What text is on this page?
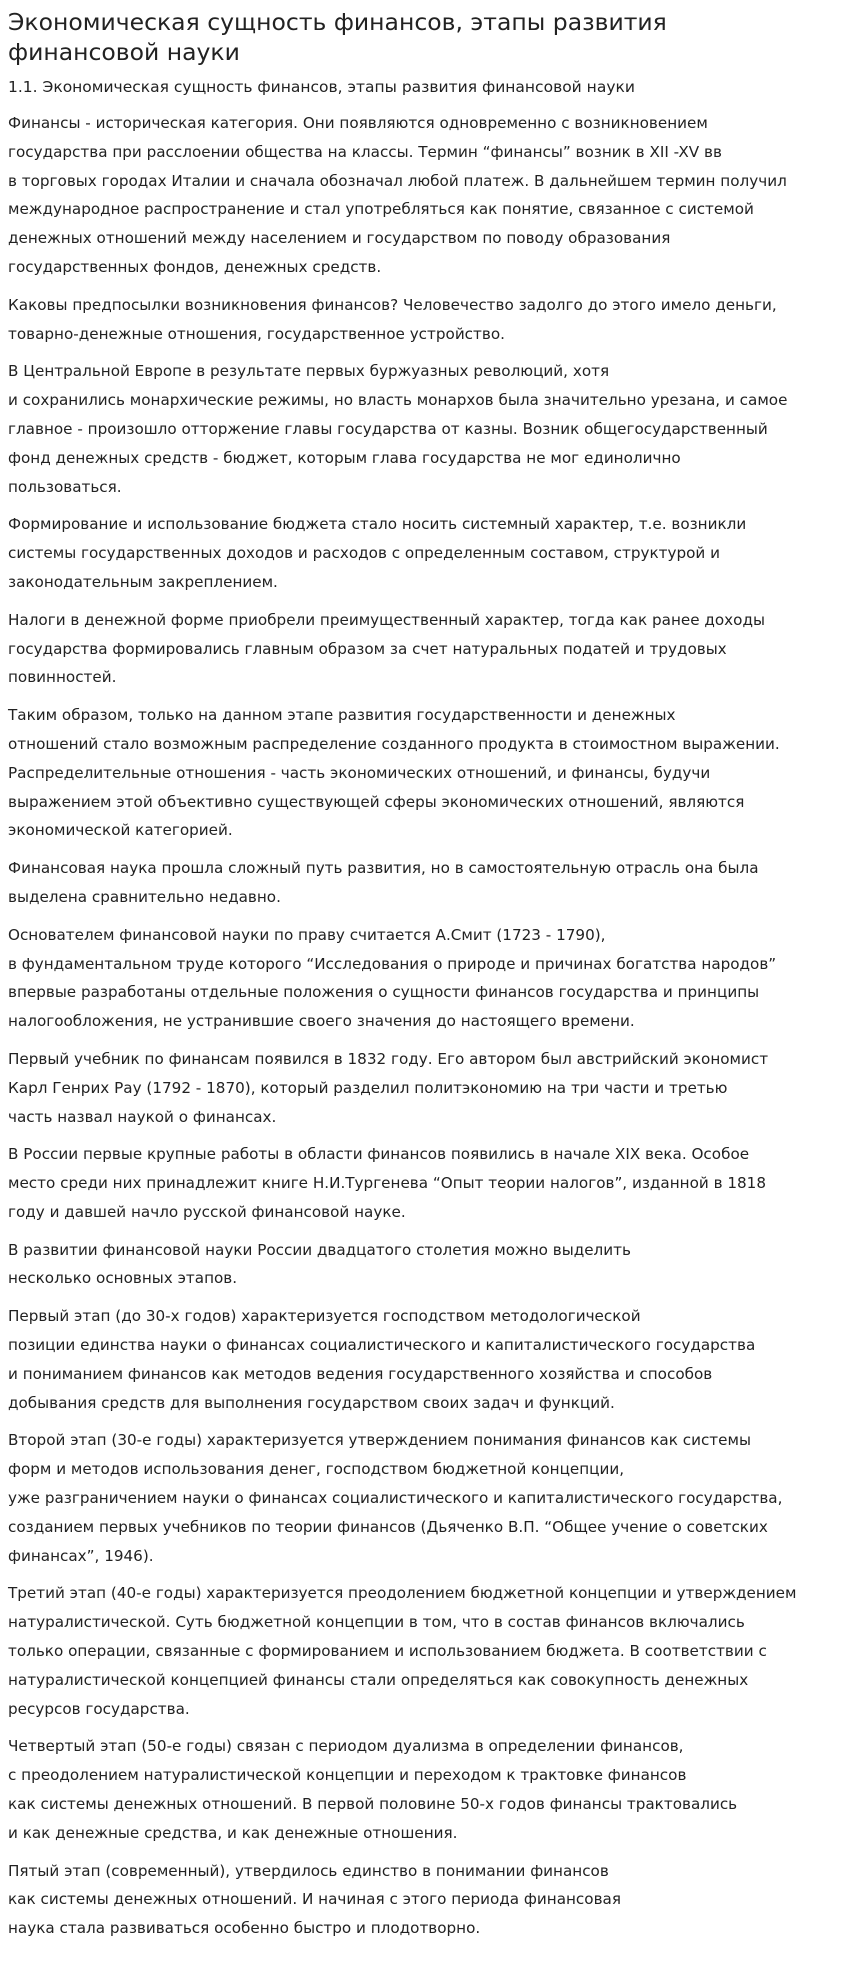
Экономическая сущность финансов, этапы развития
финансовой науки
1.1. Экономическая сущность финансов, этапы развития финансовой науки

Финансы - историческая категория. Они появляются одновременно с возникновением
государства при расслоении общества на классы. Термин “финансы” возник в XII -XV вв
в торговых городах Италии и сначала обозначал любой платеж. В дальнейшем термин получил
международное распространение и стал употребляться как понятие, связанное с системой
денежных отношений между населением и государством по поводу образования
государственных фондов, денежных средств.

Каковы предпосылки возникновения финансов? Человечество задолго до этого имело деньги,
товарно-денежные отношения, государственное устройство.

В Центральной Европе в результате первых буржуазных революций, хотя
и сохранились монархические режимы, но власть монархов была значительно урезана, и самое
главное - произошло отторжение главы государства от казны. Возник общегосударственный
фонд денежных средств - бюджет, которым глава государства не мог единолично
пользоваться.

Формирование и использование бюджета стало носить системный характер, т.е. возникли
системы государственных доходов и расходов с определенным составом, структурой и
законодательным закреплением.

Налоги в денежной форме приобрели преимущественный характер, тогда как ранее доходы
государства формировались главным образом за счет натуральных податей и трудовых
повинностей.

Таким образом, только на данном этапе развития государственности и денежных
отношений стало возможным распределение созданного продукта в стоимостном выражении.
Распределительные отношения - часть экономических отношений, и финансы, будучи
выражением этой объективно существующей сферы экономических отношений, являются
экономической категорией.

Финансовая наука прошла сложный путь развития, но в самостоятельную отрасль она была
выделена сравнительно недавно.

Основателем финансовой науки по праву считается А.Смит (1723 - 1790),
в фундаментальном труде которого “Исследования о природе и причинах богатства народов”
впервые разработаны отдельные положения о сущности финансов государства и принципы
налогообложения, не устранившие своего значения до настоящего времени.

Первый учебник по финансам появился в 1832 году. Его автором был австрийский экономист
Карл Генрих Рау (1792 - 1870), который разделил политэкономию на три части и третью
часть назвал наукой о финансах.

В России первые крупные работы в области финансов появились в начале XIX века. Особое
место среди них принадлежит книге Н.И.Тургенева “Опыт теории налогов”, изданной в 1818
году и давшей начло русской финансовой науке.

В развитии финансовой науки России двадцатого столетия можно выделить
несколько основных этапов.

Первый этап (до 30-х годов) характеризуется господством методологической
позиции единства науки о финансах социалистического и капиталистического государства
и пониманием финансов как методов ведения государственного хозяйства и способов
добывания средств для выполнения государством своих задач и функций.

Второй этап (30-е годы) характеризуется утверждением понимания финансов как системы
форм и методов использования денег, господством бюджетной концепции,
уже разграничением науки о финансах социалистического и капиталистического государства,
созданием первых учебников по теории финансов (Дьяченко В.П. “Общее учение о советских
финансах”, 1946).

Третий этап (40-е годы) характеризуется преодолением бюджетной концепции и утверждением
натуралистической. Суть бюджетной концепции в том, что в состав финансов включались
только операции, связанные с формированием и использованием бюджета. В соответствии с
натуралистической концепцией финансы стали определяться как совокупность денежных
ресурсов государства.

Четвертый этап (50-е годы) связан с периодом дуализма в определении финансов,
с преодолением натуралистической концепции и переходом к трактовке финансов
как системы денежных отношений. В первой половине 50-х годов финансы трактовались
и как денежные средства, и как денежные отношения.

Пятый этап (современный), утвердилось единство в понимании финансов
как системы денежных отношений. И начиная с этого периода финансовая
наука стала развиваться особенно быстро и плодотворно.
